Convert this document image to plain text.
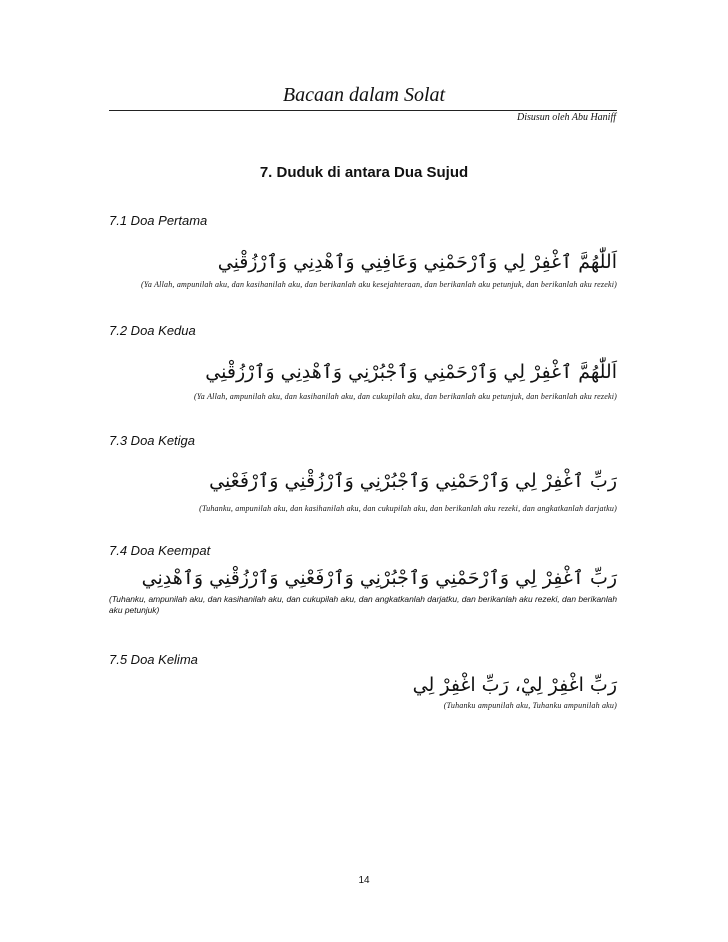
Bacaan dalam Solat
Disusun oleh Abu Haniff
7. Duduk di antara Dua Sujud
7.1 Doa Pertama
اَللّٰهُمَّ ٱغْفِرْ لِي وَٱرْحَمْنِي وَعَافِنِي وَٱهْدِنِي وَٱرْزُقْنِي
(Ya Allah, ampunilah aku, dan kasihanilah aku, dan berikanlah aku kesejahteraan, dan berikanlah aku petunjuk, dan berikanlah aku rezeki)
7.2 Doa Kedua
اَللّٰهُمَّ ٱغْفِرْ لِي وَٱرْحَمْنِي وَٱجْبُرْنِي وَٱهْدِنِي وَٱرْزُقْنِي
(Ya Allah, ampunilah aku, dan kasihanilah aku, dan cukupilah aku, dan berikanlah aku petunjuk, dan berikanlah aku rezeki)
7.3 Doa Ketiga
رَبِّ ٱغْفِرْ لِي وَٱرْحَمْنِي وَٱجْبُرْنِي وَٱرْزُقْنِي وَٱرْفَعْنِي
(Tuhanku, ampunilah aku, dan kasihanilah aku, dan cukupilah aku, dan berikanlah aku rezeki, dan angkatkanlah darjatku)
7.4 Doa Keempat
رَبِّ ٱغْفِرْ لِي وَٱرْحَمْنِي وَٱجْبُرْنِي وَٱرْفَعْنِي وَٱرْزُقْنِي وَٱهْدِنِي
(Tuhanku, ampunilah aku, dan kasihanilah aku, dan cukupilah aku, dan angkatkanlah darjatku, dan berikanlah aku rezeki, dan berikanlah aku petunjuk)
7.5 Doa Kelima
رَبِّ اغْفِرْ لِيْ، رَبِّ اغْفِرْ لِي
(Tuhanku ampunilah aku, Tuhanku ampunilah aku)
14
